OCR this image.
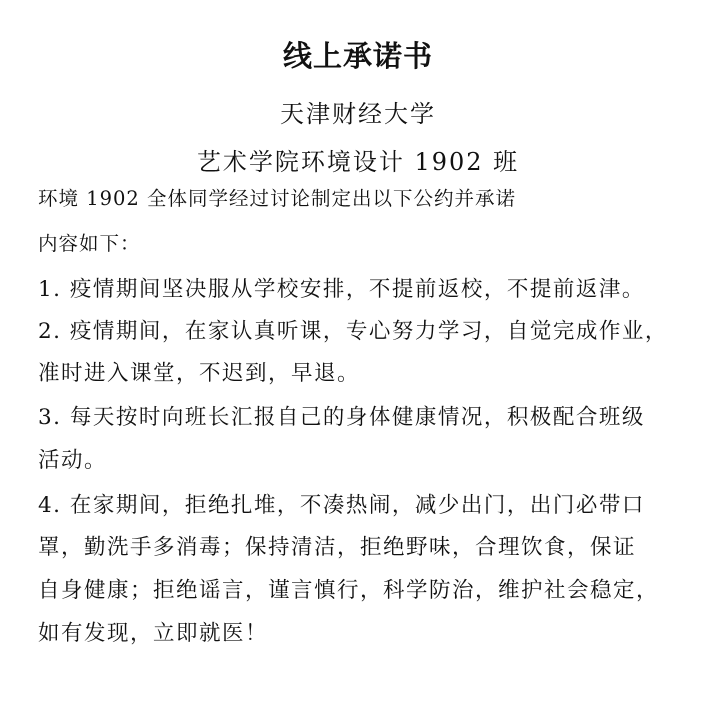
线上承诺书
天津财经大学
艺术学院环境设计 1902 班
环境 1902 全体同学经过讨论制定出以下公约并承诺
内容如下：
1. 疫情期间坚决服从学校安排，不提前返校，不提前返津。
2. 疫情期间，在家认真听课，专心努力学习，自觉完成作业，
准时进入课堂，不迟到，早退。
3. 每天按时向班长汇报自己的身体健康情况，积极配合班级
活动。
4. 在家期间，拒绝扎堆，不凑热闹，减少出门，出门必带口
罩，勤洗手多消毒；保持清洁，拒绝野味，合理饮食，保证
自身健康；拒绝谣言，谨言慎行，科学防治，维护社会稳定，
如有发现，立即就医！
